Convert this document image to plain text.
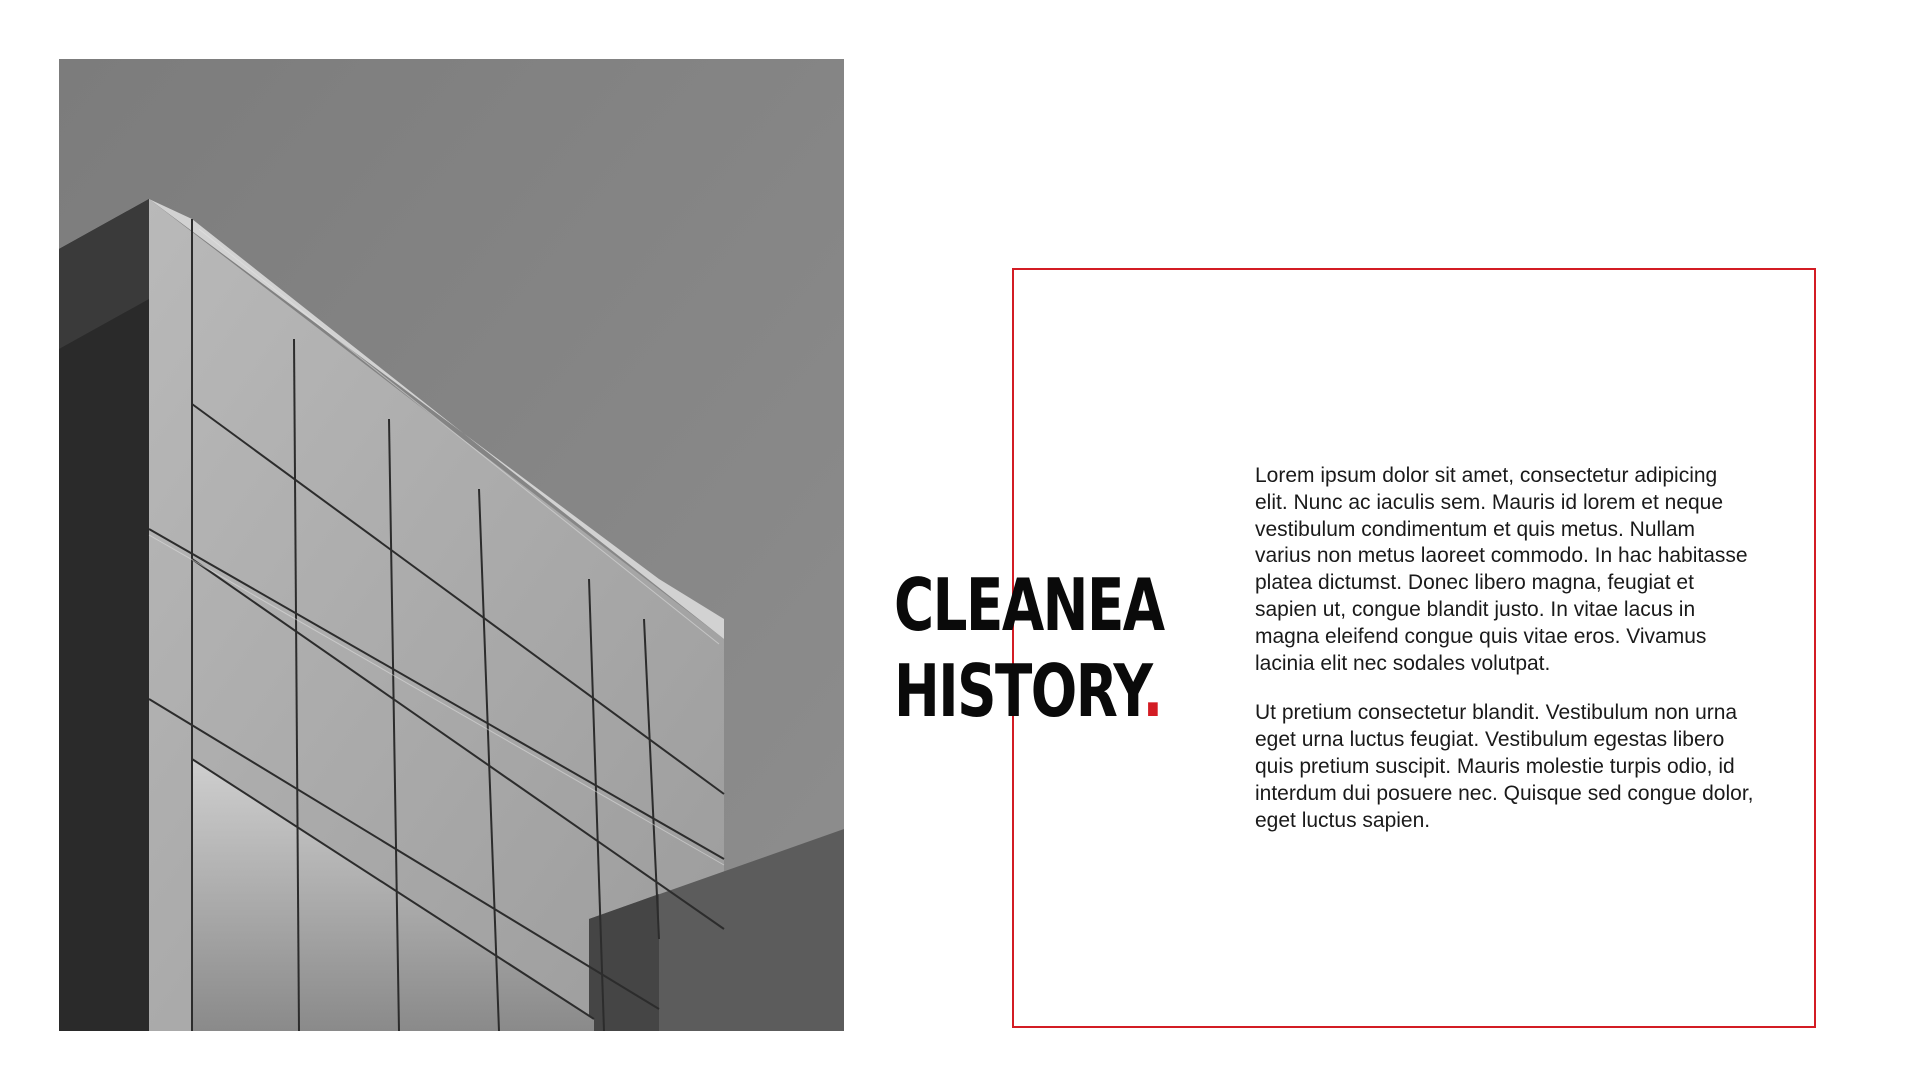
CLEANEA
HISTORY.

Lorem ipsum dolor sit amet, consectetur adipicing elit. Nunc ac iaculis sem. Mauris id lorem et neque vestibulum condimentum et quis metus. Nullam varius non metus laoreet commodo. In hac habitasse platea dictumst. Donec libero magna, feugiat et sapien ut, congue blandit justo. In vitae lacus in magna eleifend congue quis vitae eros. Vivamus lacinia elit nec sodales volutpat.

Ut pretium consectetur blandit. Vestibulum non urna eget urna luctus feugiat. Vestibulum egestas libero quis pretium suscipit. Mauris molestie turpis odio, id interdum dui posuere nec. Quisque sed congue dolor, eget luctus sapien.
